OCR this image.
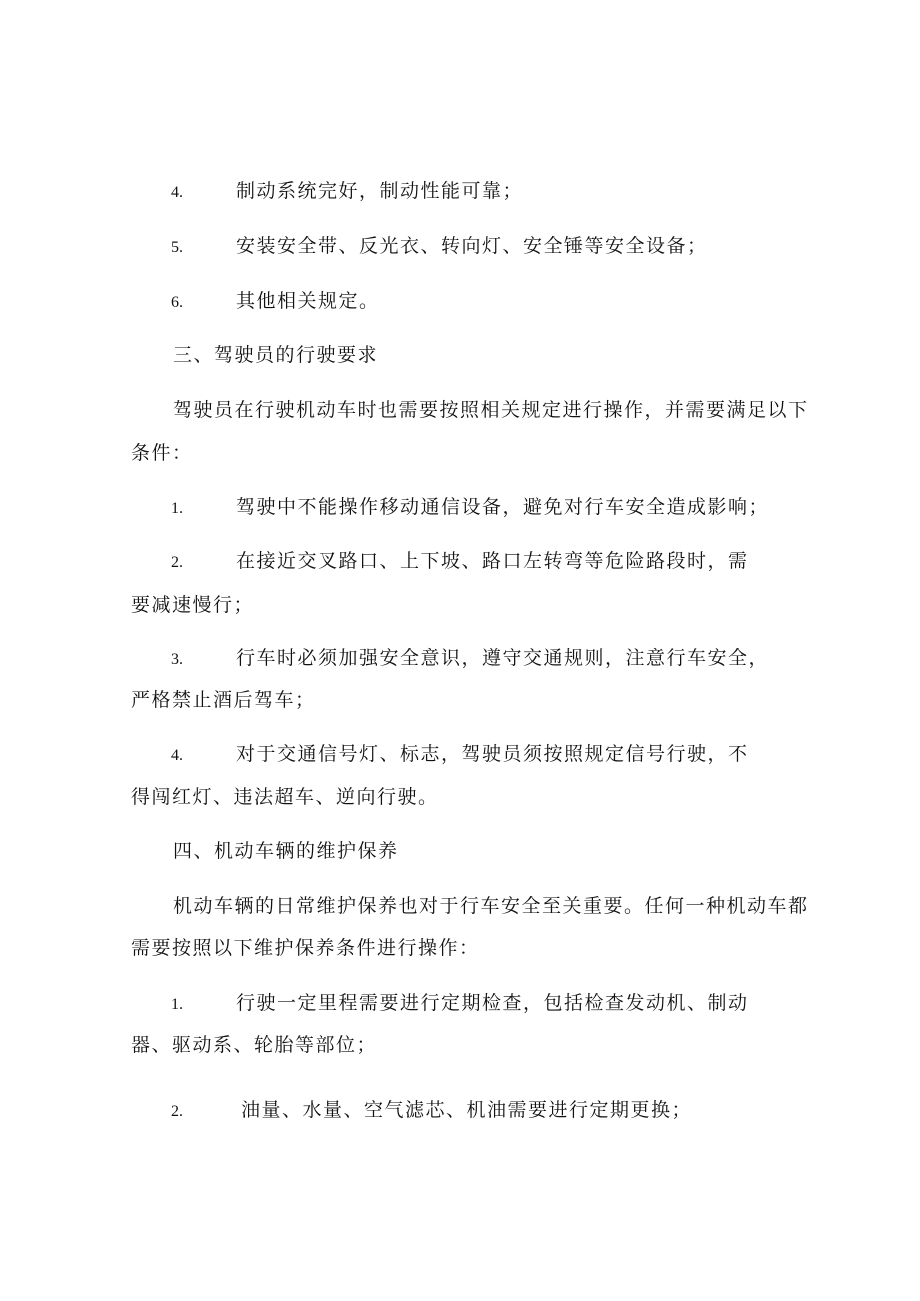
4.	制动系统完好，制动性能可靠；
5.	安装安全带、反光衣、转向灯、安全锤等安全设备；
6.	其他相关规定。
三、驾驶员的行驶要求
驾驶员在行驶机动车时也需要按照相关规定进行操作，并需要满足以下
条件：
1.	驾驶中不能操作移动通信设备，避免对行车安全造成影响；
2.	在接近交叉路口、上下坡、路口左转弯等危险路段时，需
要减速慢行；
3.	行车时必须加强安全意识，遵守交通规则，注意行车安全，
严格禁止酒后驾车；
4.	对于交通信号灯、标志，驾驶员须按照规定信号行驶，不
得闯红灯、违法超车、逆向行驶。
四、机动车辆的维护保养
机动车辆的日常维护保养也对于行车安全至关重要。任何一种机动车都
需要按照以下维护保养条件进行操作：
1.	行驶一定里程需要进行定期检查，包括检查发动机、制动
器、驱动系、轮胎等部位；
2.	油量、水量、空气滤芯、机油需要进行定期更换；
